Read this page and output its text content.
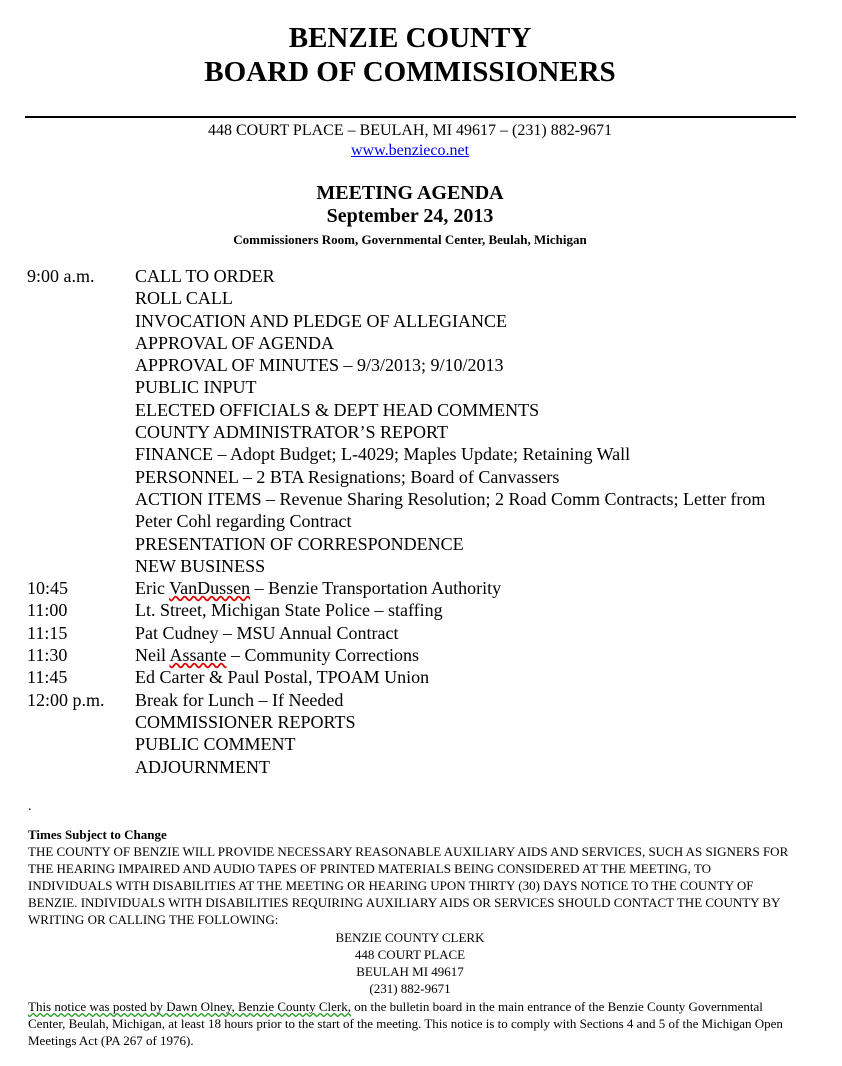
BENZIE COUNTY
BOARD OF COMMISSIONERS
448 COURT PLACE – BEULAH, MI 49617 – (231) 882-9671
www.benzieco.net
MEETING AGENDA
September 24, 2013
Commissioners Room, Governmental Center, Beulah, Michigan
9:00 a.m. CALL TO ORDER
ROLL CALL
INVOCATION AND PLEDGE OF ALLEGIANCE
APPROVAL OF AGENDA
APPROVAL OF MINUTES – 9/3/2013; 9/10/2013
PUBLIC INPUT
ELECTED OFFICIALS & DEPT HEAD COMMENTS
COUNTY ADMINISTRATOR’S REPORT
FINANCE – Adopt Budget; L-4029; Maples Update; Retaining Wall
PERSONNEL – 2 BTA Resignations; Board of Canvassers
ACTION ITEMS – Revenue Sharing Resolution; 2 Road Comm Contracts; Letter from Peter Cohl regarding Contract
PRESENTATION OF CORRESPONDENCE
NEW BUSINESS
10:45	Eric VanDussen – Benzie Transportation Authority
11:00	Lt. Street, Michigan State Police – staffing
11:15	Pat Cudney – MSU Annual Contract
11:30	Neil Assante – Community Corrections
11:45	Ed Carter & Paul Postal, TPOAM Union
12:00 p.m. Break for Lunch – If Needed
COMMISSIONER REPORTS
PUBLIC COMMENT
ADJOURNMENT
.
Times Subject to Change
THE COUNTY OF BENZIE WILL PROVIDE NECESSARY REASONABLE AUXILIARY AIDS AND SERVICES, SUCH AS SIGNERS FOR THE HEARING IMPAIRED AND AUDIO TAPES OF PRINTED MATERIALS BEING CONSIDERED AT THE MEETING, TO INDIVIDUALS WITH DISABILITIES AT THE MEETING OR HEARING UPON THIRTY (30) DAYS NOTICE TO THE COUNTY OF BENZIE. INDIVIDUALS WITH DISABILITIES REQUIRING AUXILIARY AIDS OR SERVICES SHOULD CONTACT THE COUNTY BY WRITING OR CALLING THE FOLLOWING:
BENZIE COUNTY CLERK
448 COURT PLACE
BEULAH MI 49617
(231) 882-9671
This notice was posted by Dawn Olney, Benzie County Clerk, on the bulletin board in the main entrance of the Benzie County Governmental Center, Beulah, Michigan, at least 18 hours prior to the start of the meeting. This notice is to comply with Sections 4 and 5 of the Michigan Open Meetings Act (PA 267 of 1976).
